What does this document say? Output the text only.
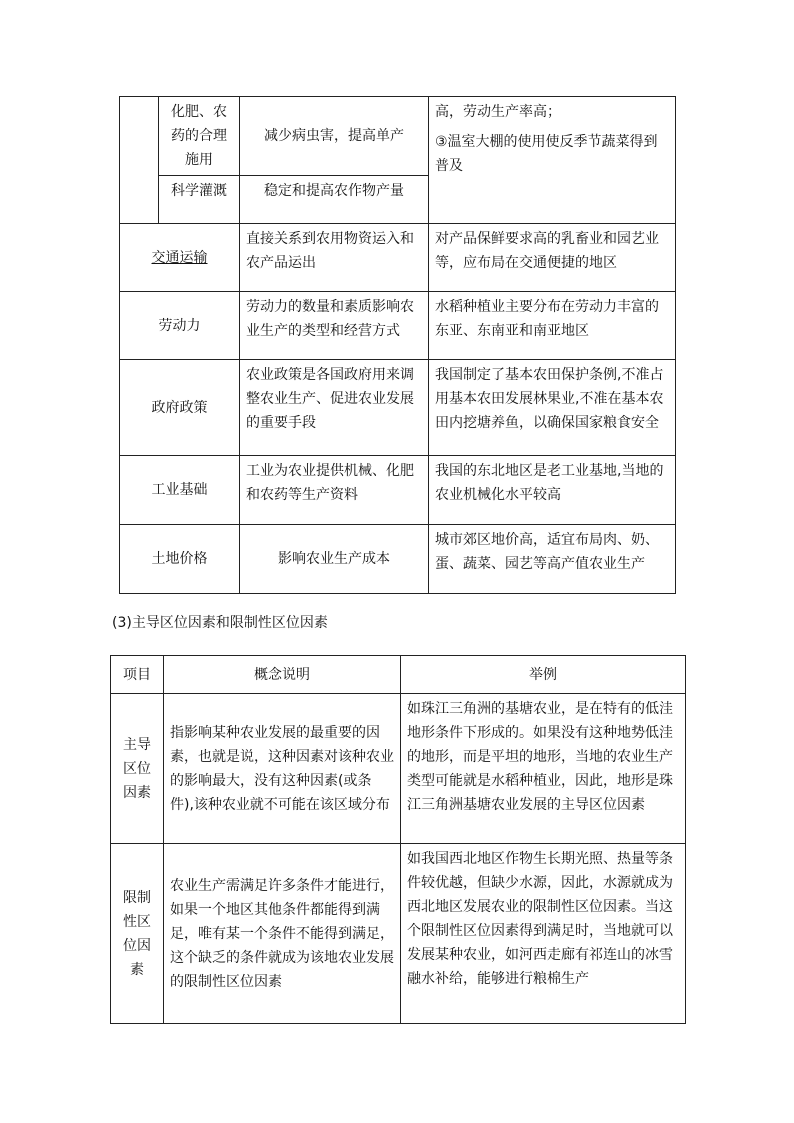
	化肥、农药的合理施用	减少病虫害，提高单产	高，劳动生产率高；
③温室大棚的使用使反季节蔬菜得到普及

	科学灌溉	稳定和提高农作物产量	
交通运输		直接关系到农用物资运入和农产品运出	对产品保鲜要求高的乳畜业和园艺业等，应布局在交通便捷的地区
劳动力		劳动力的数量和素质影响农业生产的类型和经营方式	水稻种植业主要分布在劳动力丰富的东亚、东南亚和南亚地区
政府政策		农业政策是各国政府用来调整农业生产、促进农业发展的重要手段	我国制定了基本农田保护条例,不准占用基本农田发展林果业,不准在基本农田内挖塘养鱼，以确保国家粮食安全
工业基础		工业为农业提供机械、化肥和农药等生产资料	我国的东北地区是老工业基地,当地的农业机械化水平较高
土地价格		影响农业生产成本	城市郊区地价高，适宜布局肉、奶、蛋、蔬菜、园艺等高产值农业生产
(3)主导区位因素和限制性区位因素
项目	概念说明	举例
主导区位因素	指影响某种农业发展的最重要的因素，也就是说，这种因素对该种农业的影响最大，没有这种因素(或条件),该种农业就不可能在该区域分布	如珠江三角洲的基塘农业，是在特有的低洼地形条件下形成的。如果没有这种地势低洼的地形，而是平坦的地形，当地的农业生产类型可能就是水稻种植业，因此，地形是珠江三角洲基塘农业发展的主导区位因素
限制性区位因素	农业生产需满足许多条件才能进行，如果一个地区其他条件都能得到满足，唯有某一个条件不能得到满足，这个缺乏的条件就成为该地农业发展的限制性区位因素	如我国西北地区作物生长期光照、热量等条件较优越，但缺少水源，因此，水源就成为西北地区发展农业的限制性区位因素。当这个限制性区位因素得到满足时，当地就可以发展某种农业，如河西走廊有祁连山的冰雪融水补给，能够进行粮棉生产
